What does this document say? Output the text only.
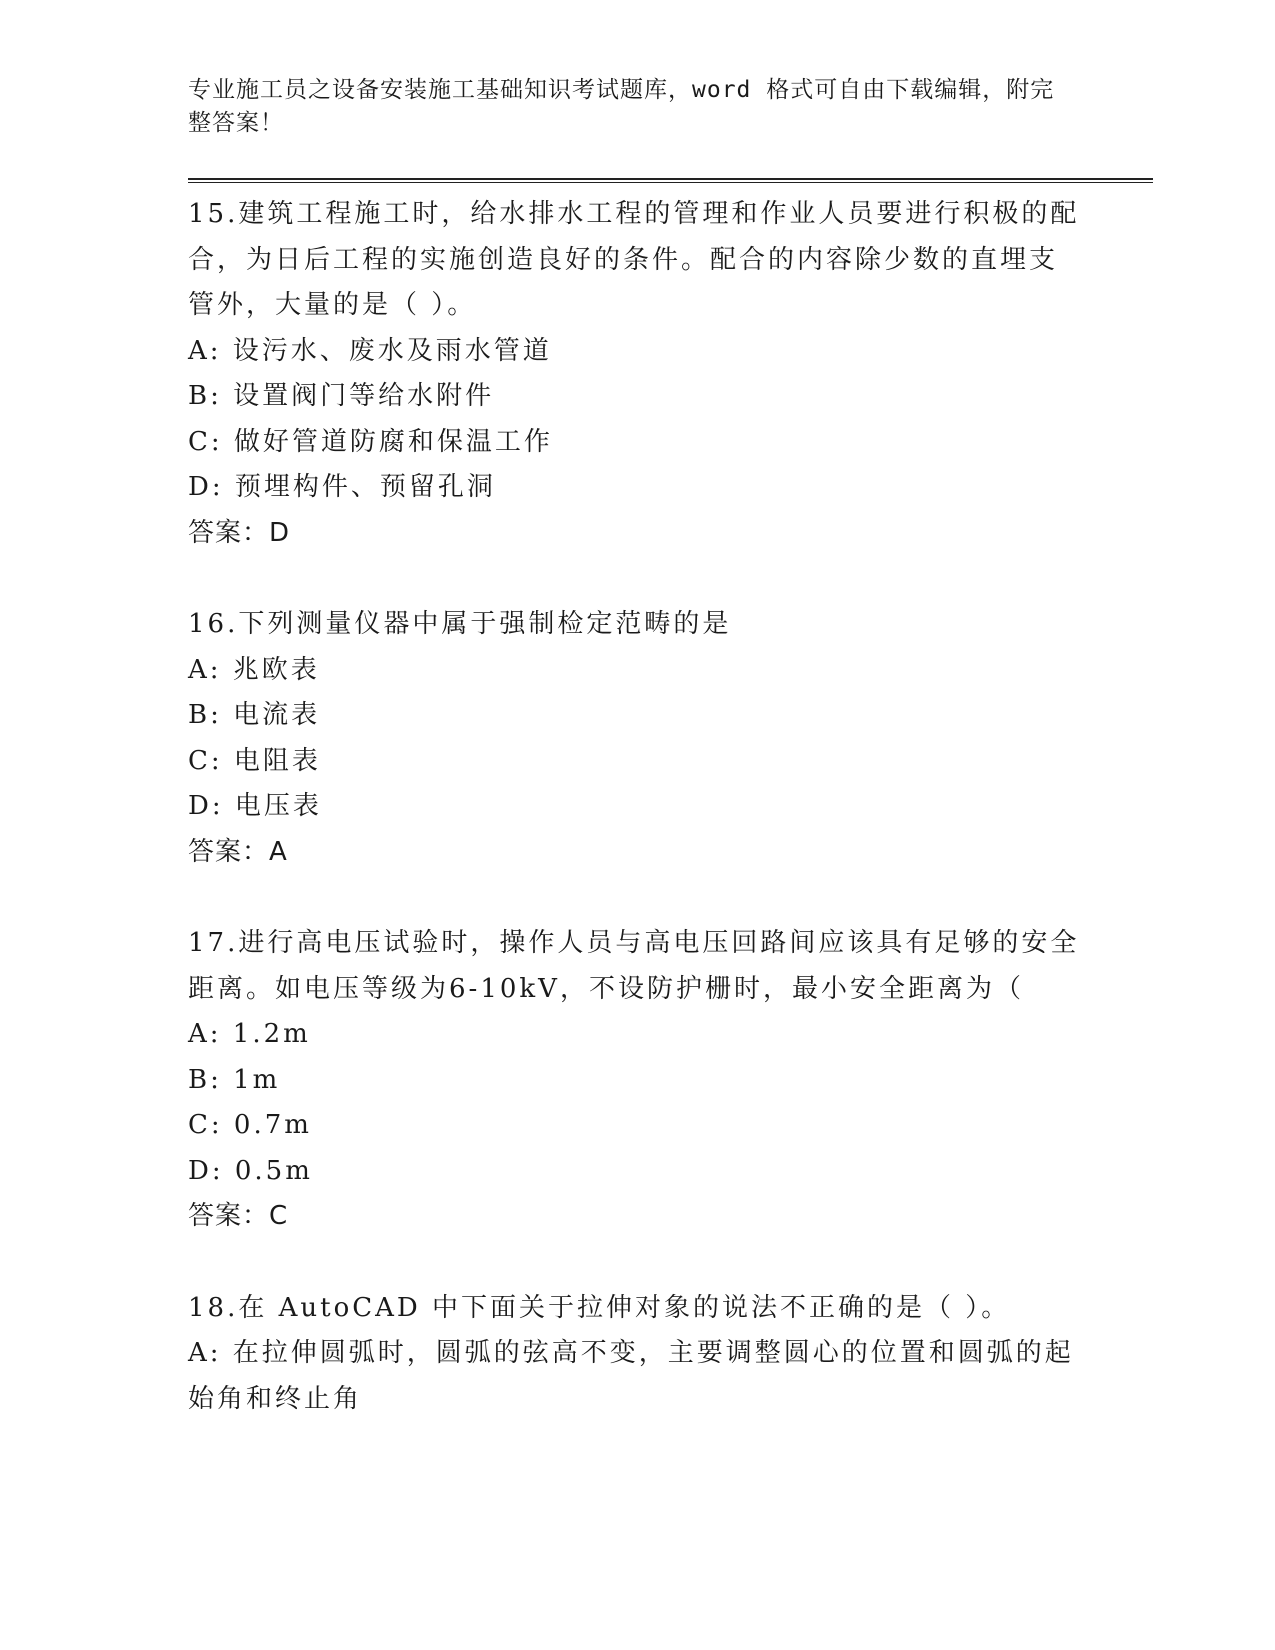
专业施工员之设备安装施工基础知识考试题库，word 格式可自由下载编辑，附完
整答案！
15.建筑工程施工时，给水排水工程的管理和作业人员要进行积极的配
合，为日后工程的实施创造良好的条件。配合的内容除少数的直埋支
管外，大量的是（ ）。
A: 设污水、废水及雨水管道
B: 设置阀门等给水附件
C: 做好管道防腐和保温工作
D: 预埋构件、预留孔洞
答案：D
16.下列测量仪器中属于强制检定范畴的是
A: 兆欧表
B: 电流表
C: 电阻表
D: 电压表
答案：A
17.进行高电压试验时，操作人员与高电压回路间应该具有足够的安全
距离。如电压等级为6-10kV，不设防护栅时，最小安全距离为（
A: 1.2m
B: 1m
C: 0.7m
D: 0.5m
答案：C
18.在 AutoCAD 中下面关于拉伸对象的说法不正确的是（ ）。
A: 在拉伸圆弧时，圆弧的弦高不变，主要调整圆心的位置和圆弧的起
始角和终止角
